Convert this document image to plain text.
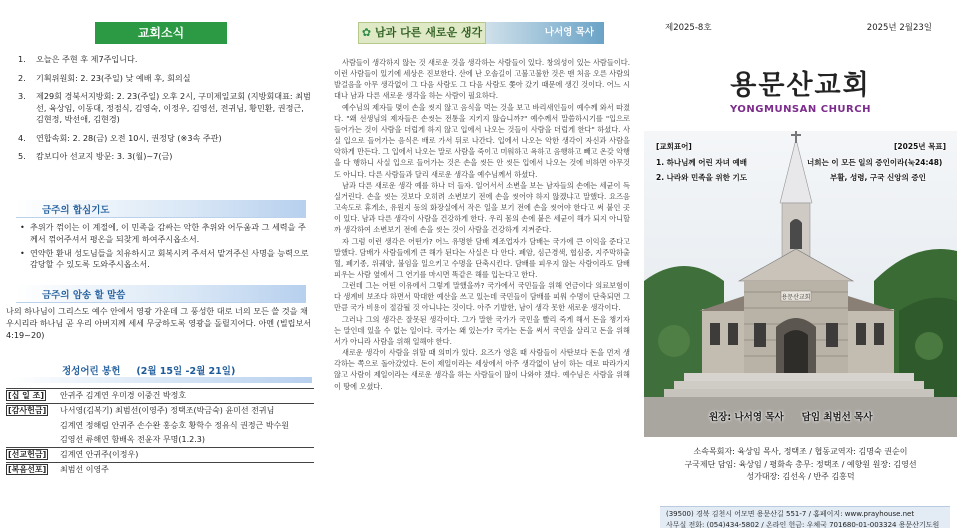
교회소식
1.	오늘은 주현 후 제7주입니다.
2.	기획위원회: 2. 23(주일) 낮 예배 후, 회의실
3.	제29회 경북서지방회: 2. 23(주일) 오후 2시, 구미제일교회 (지방회대표: 최범선, 육상임, 이동대, 정점식, 김영숙, 이정우, 김영선, 전귀님, 황민환, 권정근, 김현정, 박선애, 김현경)
4.	연합속회: 2. 28(금) 오전 10시, 권정당 (※3속 주관)
5.	캄보디아 선교지 방문: 3. 3(월)~7(금)
금주의 합심기도

• 추위가 꺾이는 이 계절에, 이 민족을 감싸는 악한 추위와 어두움과 그 세력을 주께서 꺾어주셔서 평온을 되찾게 하여주시옵소서.

• 연약한 환내 성도님들을 치유하시고 회복시켜 주셔서 맡겨주신 사명을 능력으로 감당할 수 있도록 도와주시옵소서.

금주의 암송 할 말씀
나의 하나님이 그리스도 예수 안에서 영광 가운데 그 풍성한 대로 너의 모든 쓸 것을 채우시리라 하나님 곧 우리 아버지께 세세 무궁하도록 영광을 돌릴지어다. 아멘 (빌립보서 4:19~20)
정성어린 봉헌 (2월 15일 -2월 21일)
[십 일 조]	안귀주 김계연 우미경 이중건 박정호
[감사헌금]	나서영(김복기) 최범선(이영주) 정택조(박금숙) 윤미선 전귀님
김계연 정해림 안귀주 손수완 홍승호 황학수 정유식 권정근 박수원
김영선 류해연 함배옥 전윤자 무명(1.2.3)
[선교헌금]	김계연 안귀주(이정우)
[복음선포]	최범선 이영주
✿ 남과 다른 새로운 생각	나서영 목사

사람들이 생각하지 않는 것 새로운 것을 생각하는 사람들이 있다. 창의성이 있는 사람들이다. 이런 사람들이 있기에 세상은 진보한다. 산에 난 오솔길이 고불고불한 것은 맨 처음 오른 사람의 발걸음을 아무 생각없이 그 다음 사람도 그 다음 사람도 쫓아 갔기 때문에 생긴 것이다. 어느 시대나 남과 다른 새로운 생각을 하는 사람이 필요하다.

예수님의 제자들 몇이 손을 씻지 않고 음식을 먹는 것을 보고 바리새인들이 예수께 와서 따졌다. "왜 선생님의 제자들은 손씻는 전통을 지키지 않습니까?" 예수께서 말씀하시기를 "입으로 들어가는 것이 사람을 더럽게 하지 않고 입에서 나오는 것들이 사람을 더럽게 한다" 하셨다. 사실 입으로 들어가는 음식은 배로 가서 뒤로 나간다. 입에서 나오는 악한 생각이 자신과 사람을 악하게 만든다. 그 입에서 나오는 말로 사람을 죽이고 미워하고 욕하고 음행하고 빼고 온갖 악행을 다 행하니 사실 입으로 들어가는 것은 손을 씻든 안 씻든 입에서 나오는 것에 비하면 아무것도 아니다. 다른 사람들과 달리 새로운 생각을 예수님께서 하셨다.

남과 다른 새로운 생각 예를 하나 더 들자. 일어서서 소변을 보는 남자들의 손에는 세균이 득실거린다. 손을 씻는 것보다 오히려 소변보기 전에 손을 씻어야 하지 않겠냐고 말했다. 요즈음 고속도로 휴게소, 유원지 등의 화장실에서 작은 일을 보기 전에 손을 씻어야 한다고 써 붙인 곳이 있다. 남과 다른 생각이 사람을 건강하게 한다. 우리 몸의 손에 붙은 세균이 해가 되지 아니할까 생각하여 소변보기 전에 손을 씻는 것이 사람을 건강하게 지켜준다.

자 그럼 이런 생각은 어떤가? 어느 유명한 담배 제조업자가 담배는 국가에 큰 이익을 준다고 말했다. 담배가 사람들에게 큰 해가 된다는 사실은 다 안다. 폐암, 심근경색, 협심증, 지주막하출혈, 폐기종, 위궤양, 불임을 일으키고 수명을 단축시킨다. 담배를 피우지 않는 사람이라도 담배피우는 사람 옆에서 그 연기를 마시면 똑같은 해를 입는다고 한다.

그런데 그는 어떤 이유에서 그렇게 말했을까? 국가에서 국민들을 위해 연금이다 의료보험이다 생계비 보조다 하면서 막대한 예산을 쓰고 있는데 국민들이 담배를 피워 수명이 단축되면 그만큼 국가 비용이 절감될 것 아니냐는 것이다. 아주 기발한, 남이 생각 못한 새로운 생각이다.

그러나 그의 생각은 잘못된 생각이다. 그가 말한 국가가 국민을 빨리 죽게 해서 돈을 챙기자는 말인데 있을 수 없는 일이다. 국가는 왜 있는가? 국가는 돈을 써서 국민을 살리고 돈을 위해서가 아니라 사람을 위해 일해야 한다.

새로운 생각이 사람을 위할 때 의미가 있다. 요즈가 영혼 때 사람들이 사탄보다 돈을 먼저 생각하는 쪽으로 돌아갔었다. 돈이 제일이라는 세상에서 아주 생각없이 남이 하는 대로 따라가지 않고 사람이 제일이라는 새로운 생각을 하는 사람들이 많이 나와야 겠다. 예수님은 사람을 위해 이 땅에 오셨다.

제2025-8호	2025년 2월23일
용문산교회
YONGMUNSAN CHURCH
용문산교회
[교회표어]
1. 하나님께 어린 자녀 예배
2. 나라와 민족을 위한 기도
[2025년 목표]
너희는 이 모든 일의 증인이라(눅24:48)
부활, 성령, 구국 신앙의 증인
원장: 나서영 목사 담임 최범선 목사
소속목회자: 육상임 목사, 정택조 / 협동교역자: 김명숙 권순이
구국제단 담임: 육상임 / 평화속 총무: 정택조 / 예향원 원장: 김영선
성가대장: 김선옥 / 반주 김홍덕
(39500) 경북 김천시 어모면 용문산길 551-7 / 홈페이지: www.prayhouse.net
사무실 전화: (054)434-5802 / 온라인 헌금: 우체국 701680-01-003324 용문산기도원
